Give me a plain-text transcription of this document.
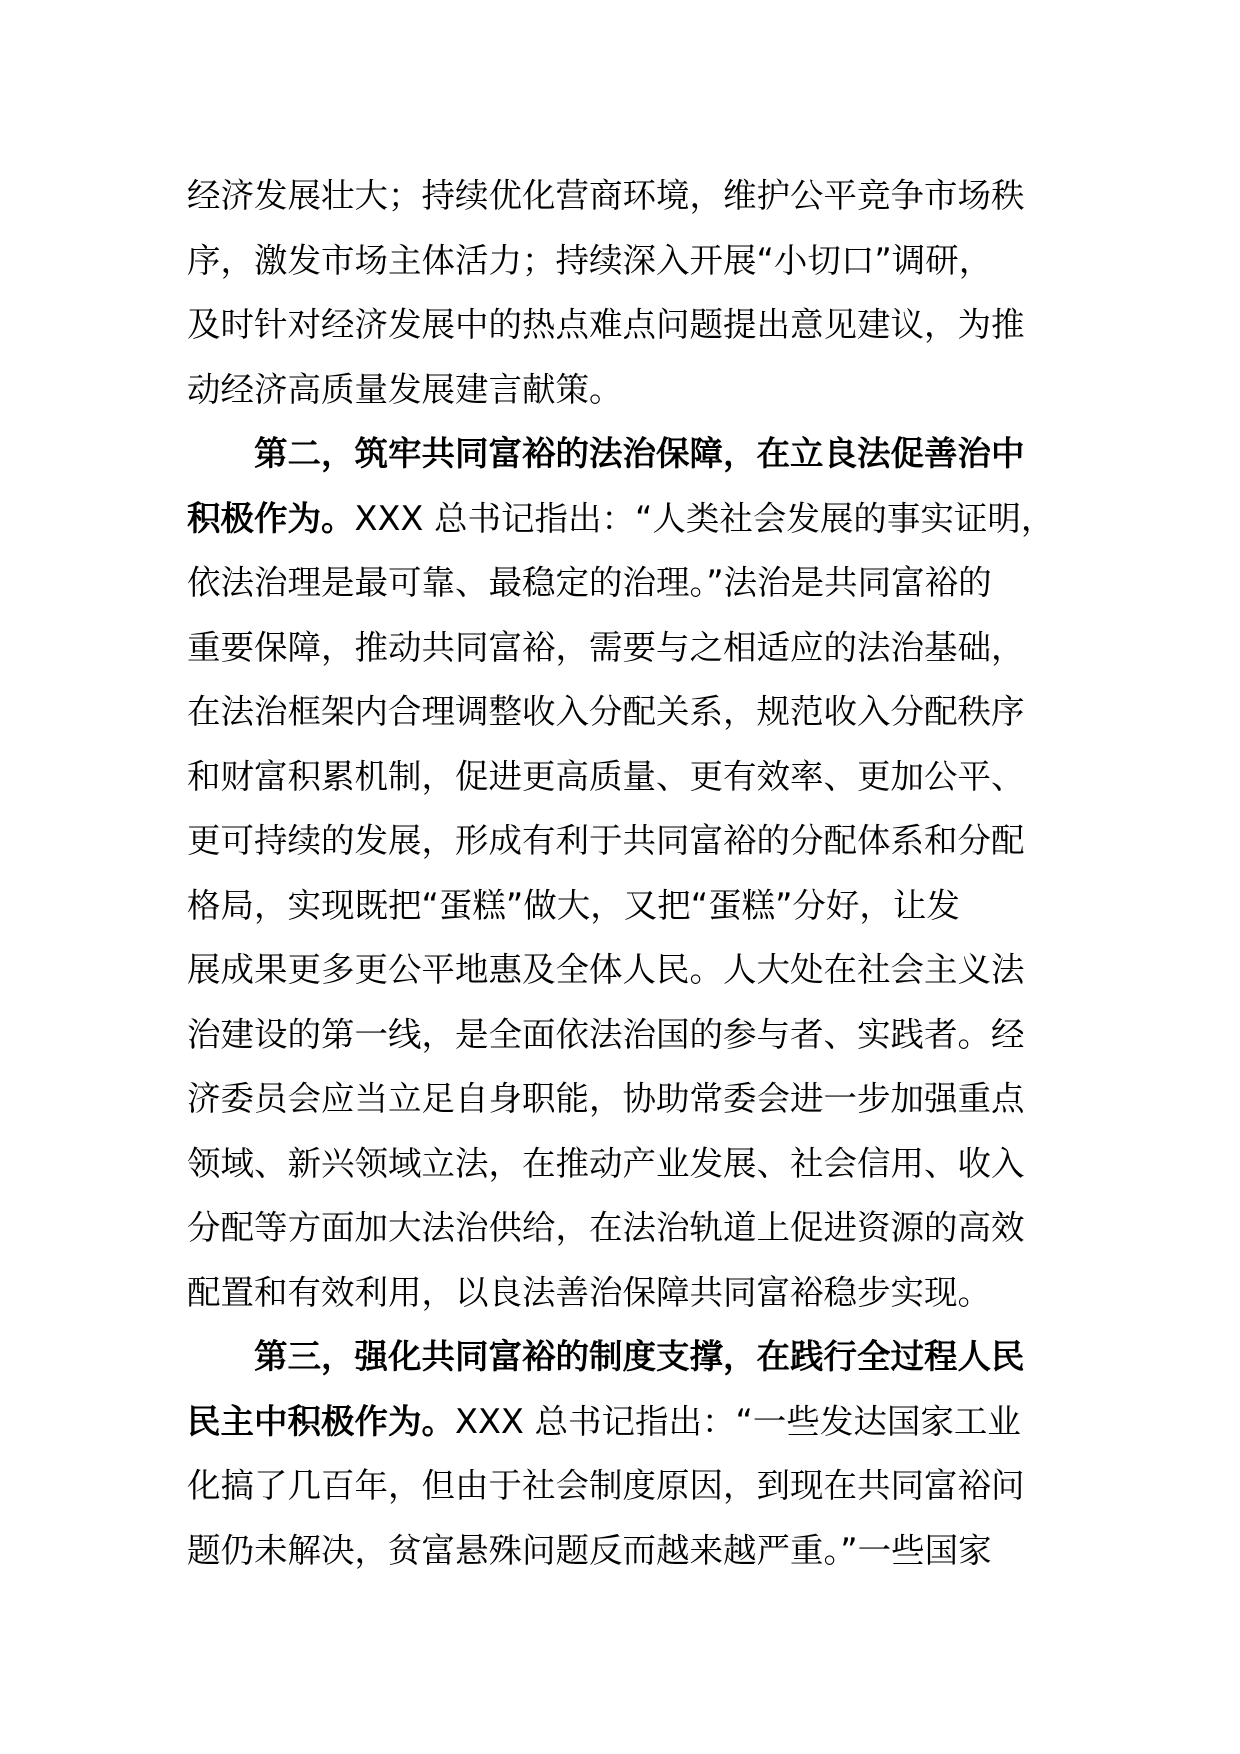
经济发展壮大；持续优化营商环境，维护公平竞争市场秩
序，激发市场主体活力；持续深入开展“小切口”调研，
及时针对经济发展中的热点难点问题提出意见建议，为推
动经济高质量发展建言献策。
第二，筑牢共同富裕的法治保障，在立良法促善治中
积极作为。XXX 总书记指出：“人类社会发展的事实证明，
依法治理是最可靠、最稳定的治理。”法治是共同富裕的
重要保障，推动共同富裕，需要与之相适应的法治基础，
在法治框架内合理调整收入分配关系，规范收入分配秩序
和财富积累机制，促进更高质量、更有效率、更加公平、
更可持续的发展，形成有利于共同富裕的分配体系和分配
格局，实现既把“蛋糕”做大，又把“蛋糕”分好，让发
展成果更多更公平地惠及全体人民。人大处在社会主义法
治建设的第一线，是全面依法治国的参与者、实践者。经
济委员会应当立足自身职能，协助常委会进一步加强重点
领域、新兴领域立法，在推动产业发展、社会信用、收入
分配等方面加大法治供给，在法治轨道上促进资源的高效
配置和有效利用，以良法善治保障共同富裕稳步实现。
第三，强化共同富裕的制度支撑，在践行全过程人民
民主中积极作为。XXX 总书记指出：“一些发达国家工业
化搞了几百年，但由于社会制度原因，到现在共同富裕问
题仍未解决，贫富悬殊问题反而越来越严重。”一些国家
